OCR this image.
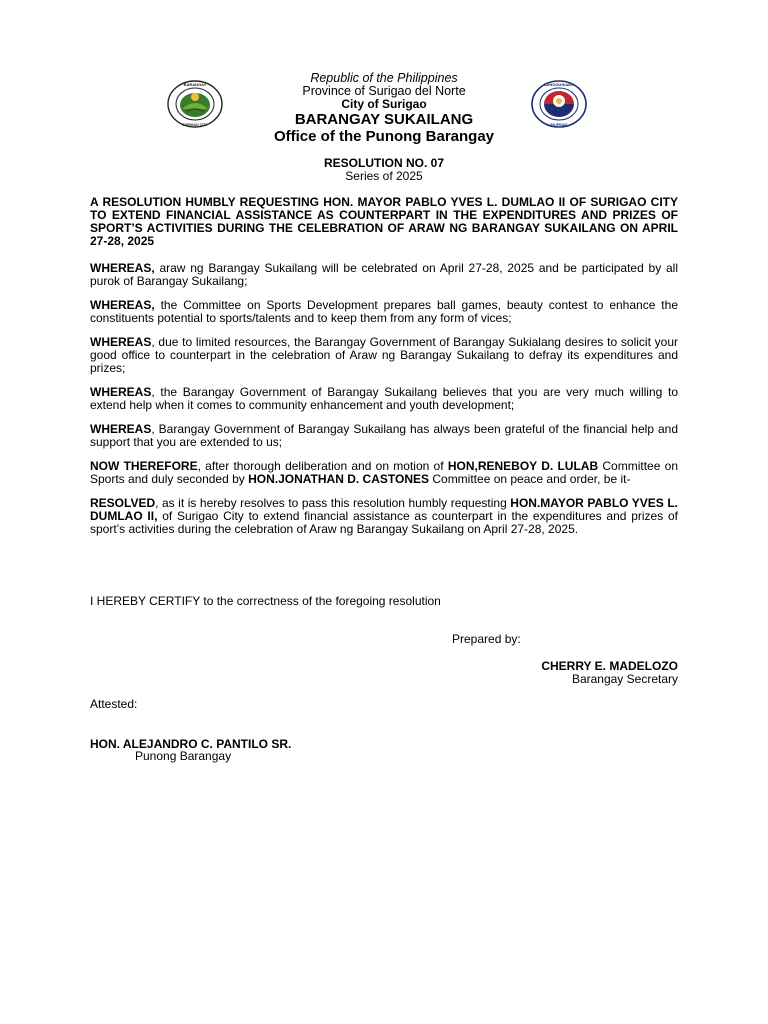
BARANGAY
SURIGAO CITY
SANGGUNIANG
PILIPINAS
Republic of the Philippines
Province of Surigao del Norte
City of Surigao
BARANGAY SUKAILANG
Office of the Punong Barangay
RESOLUTION NO. 07
Series of 2025

A RESOLUTION HUMBLY REQUESTING HON. MAYOR PABLO YVES L. DUMLAO II OF SURIGAO CITY TO EXTEND FINANCIAL ASSISTANCE AS COUNTERPART IN THE EXPENDITURES AND PRIZES OF SPORT’S ACTIVITIES DURING THE CELEBRATION OF ARAW NG BARANGAY SUKAILANG ON APRIL 27-28, 2025

WHEREAS, araw ng Barangay Sukailang will be celebrated on April 27-28, 2025 and be participated by all purok of Barangay Sukailang;

WHEREAS, the Committee on Sports Development prepares ball games, beauty contest to enhance the constituents potential to sports/talents and to keep them from any form of vices;

WHEREAS, due to limited resources, the Barangay Government of Barangay Sukialang desires to solicit your good office to counterpart in the celebration of Araw ng Barangay Sukailang to defray its expenditures and prizes;

WHEREAS, the Barangay Government of Barangay Sukailang believes that you are very much willing to extend help when it comes to community enhancement and youth development;

WHEREAS, Barangay Government of Barangay Sukailang has always been grateful of the financial help and support that you are extended to us;

NOW THEREFORE, after thorough deliberation and on motion of HON,RENEBOY D. LULAB Committee on Sports and duly seconded by HON.JONATHAN D. CASTONES Committee on peace and order, be it-

RESOLVED, as it is hereby resolves to pass this resolution humbly requesting HON.MAYOR PABLO YVES L. DUMLAO II, of Surigao City to extend financial assistance as counterpart in the expenditures and prizes of sport’s activities during the celebration of Araw ng Barangay Sukailang on April 27-28, 2025.

I HEREBY CERTIFY to the correctness of the foregoing resolution
Prepared by:
CHERRY E. MADELOZO
Barangay Secretary
Attested:
HON. ALEJANDRO C. PANTILO SR.
Punong Barangay
